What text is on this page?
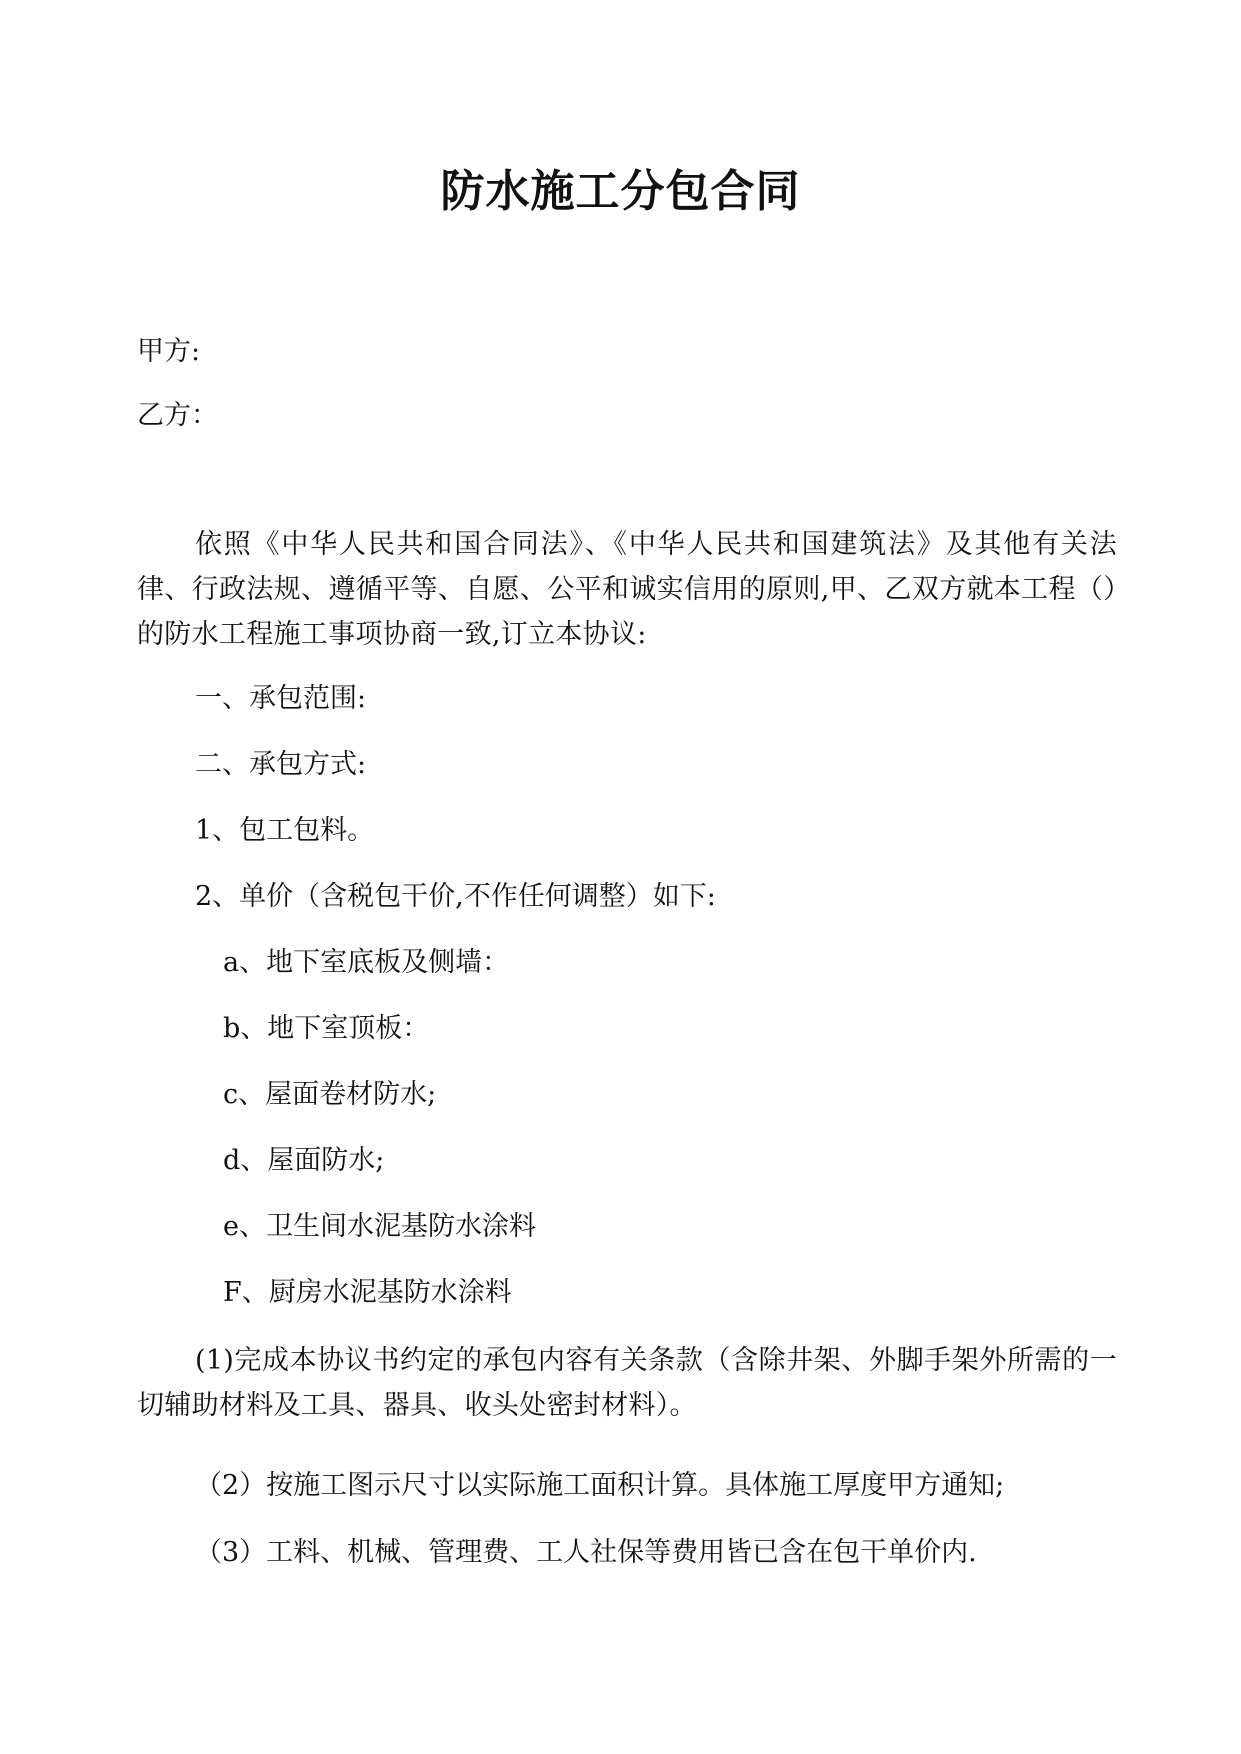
防水施工分包合同
甲方:
乙方：
依照《中华人民共和国合同法》、《中华人民共和国建筑法》及其他有关法律、行政法规、遵循平等、自愿、公平和诚实信用的原则,甲、乙双方就本工程（）的防水工程施工事项协商一致,订立本协议:
一、承包范围:
二、承包方式:
1、包工包料。
2、单价（含税包干价,不作任何调整）如下:
a、地下室底板及侧墙：
b、地下室顶板：
c、屋面卷材防水;
d、屋面防水;
e、卫生间水泥基防水涂料
F、厨房水泥基防水涂料
(1)完成本协议书约定的承包内容有关条款（含除井架、外脚手架外所需的一切辅助材料及工具、器具、收头处密封材料）。
（2）按施工图示尺寸以实际施工面积计算。具体施工厚度甲方通知;
（3）工料、机械、管理费、工人社保等费用皆已含在包干单价内.
